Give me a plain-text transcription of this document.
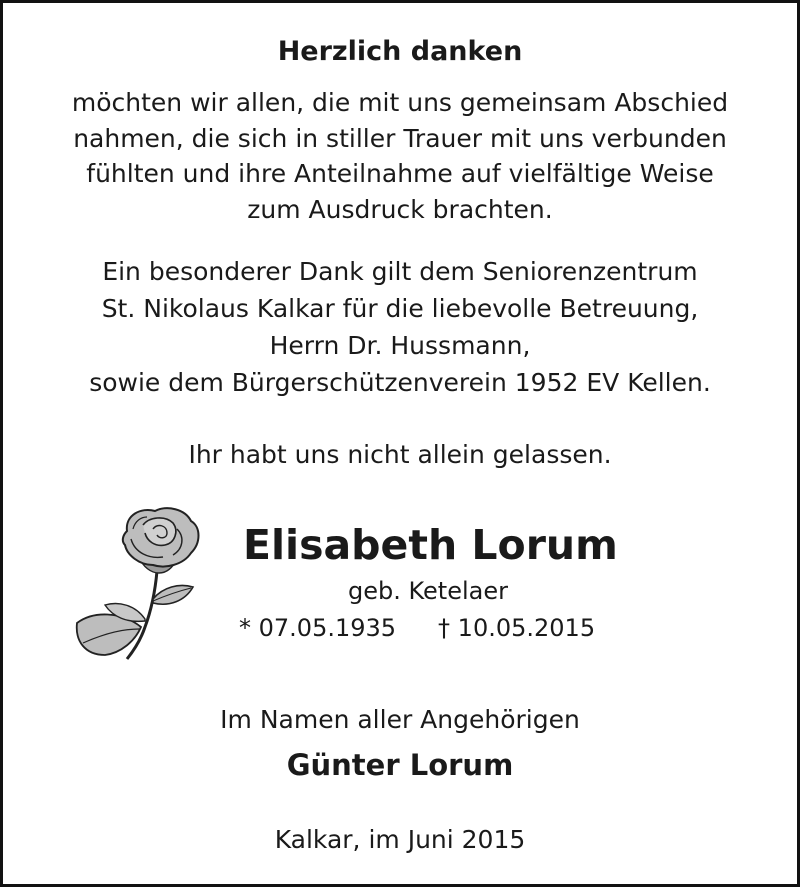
Herzlich danken
möchten wir allen, die mit uns gemeinsam Abschied
nahmen, die sich in stiller Trauer mit uns verbunden
fühlten und ihre Anteilnahme auf vielfältige Weise
zum Ausdruck brachten.
Ein besonderer Dank gilt dem Seniorenzentrum
St. Nikolaus Kalkar für die liebevolle Betreuung,
Herrn Dr. Hussmann,
sowie dem Bürgerschützenverein 1952 EV Kellen.
Ihr habt uns nicht allein gelassen.
Elisabeth Lorum
geb. Ketelaer
* 07.05.1935 † 10.05.2015
Im Namen aller Angehörigen
Günter Lorum
Kalkar, im Juni 2015
